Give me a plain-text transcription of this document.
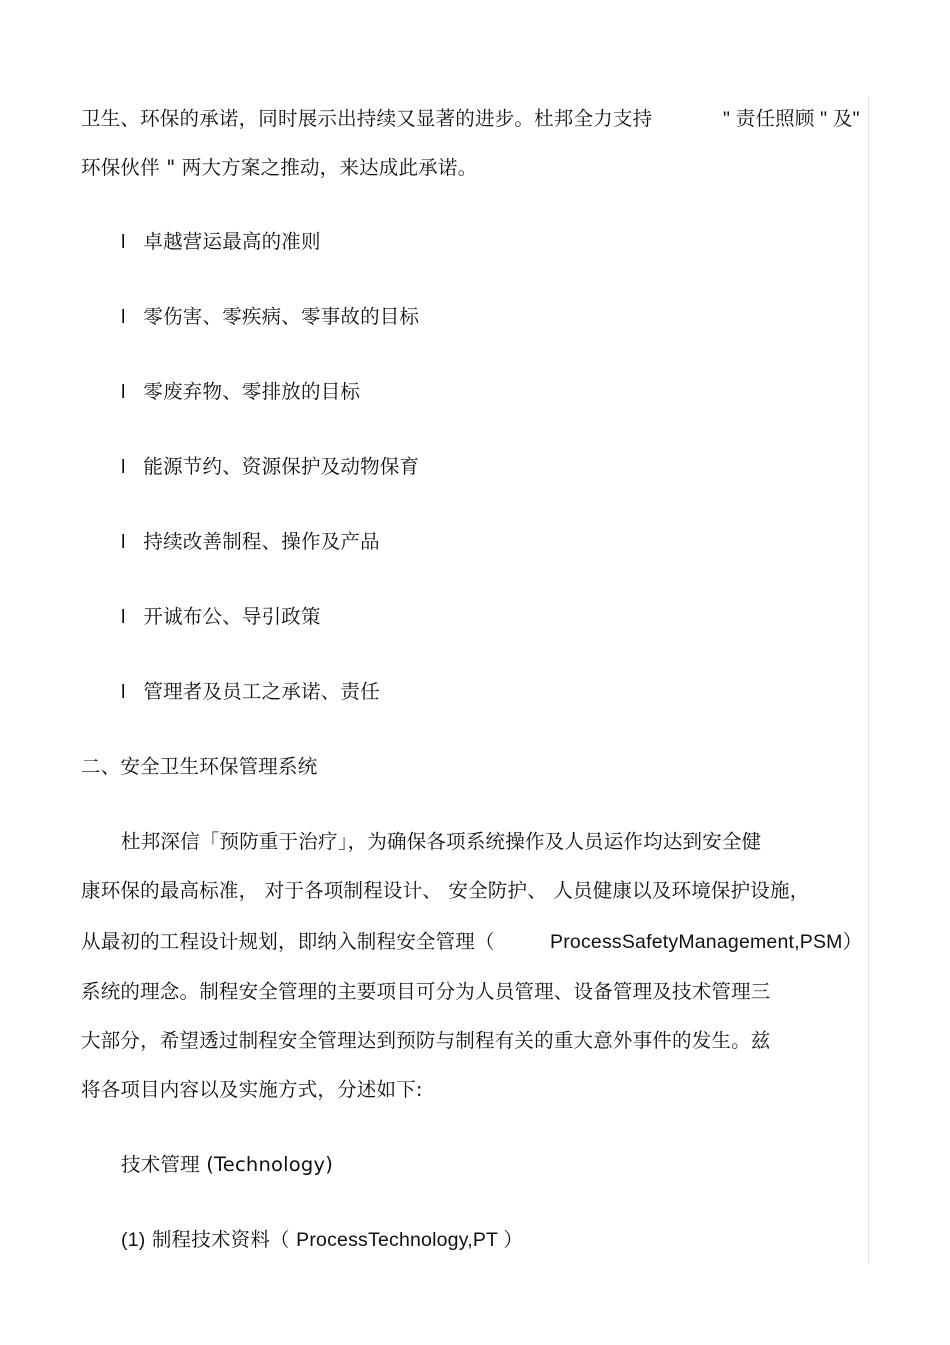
卫生、环保的承诺，同时展示出持续又显著的进步。杜邦全力支持	" 责任照顾 " 及"
环保伙伴 " 两大方案之推动，来达成此承诺。
l 卓越营运最高的准则
l 零伤害、零疾病、零事故的目标
l 零废弃物、零排放的目标
l 能源节约、资源保护及动物保育
l 持续改善制程、操作及产品
l 开诚布公、导引政策
l 管理者及员工之承诺、责任
二、安全卫生环保管理系统
杜邦深信「预防重于治疗」，为确保各项系统操作及人员运作均达到安全健
康环保的最高标准， 对于各项制程设计、 安全防护、 人员健康以及环境保护设施，
从最初的工程设计规划，即纳入制程安全管理（	ProcessSafetyManagement,PSM）
系统的理念。制程安全管理的主要项目可分为人员管理、设备管理及技术管理三
大部分，希望透过制程安全管理达到预防与制程有关的重大意外事件的发生。兹
将各项目内容以及实施方式，分述如下:
技术管理 (Technology)
(1) 制程技术资料（ ProcessTechnology,PT ）
